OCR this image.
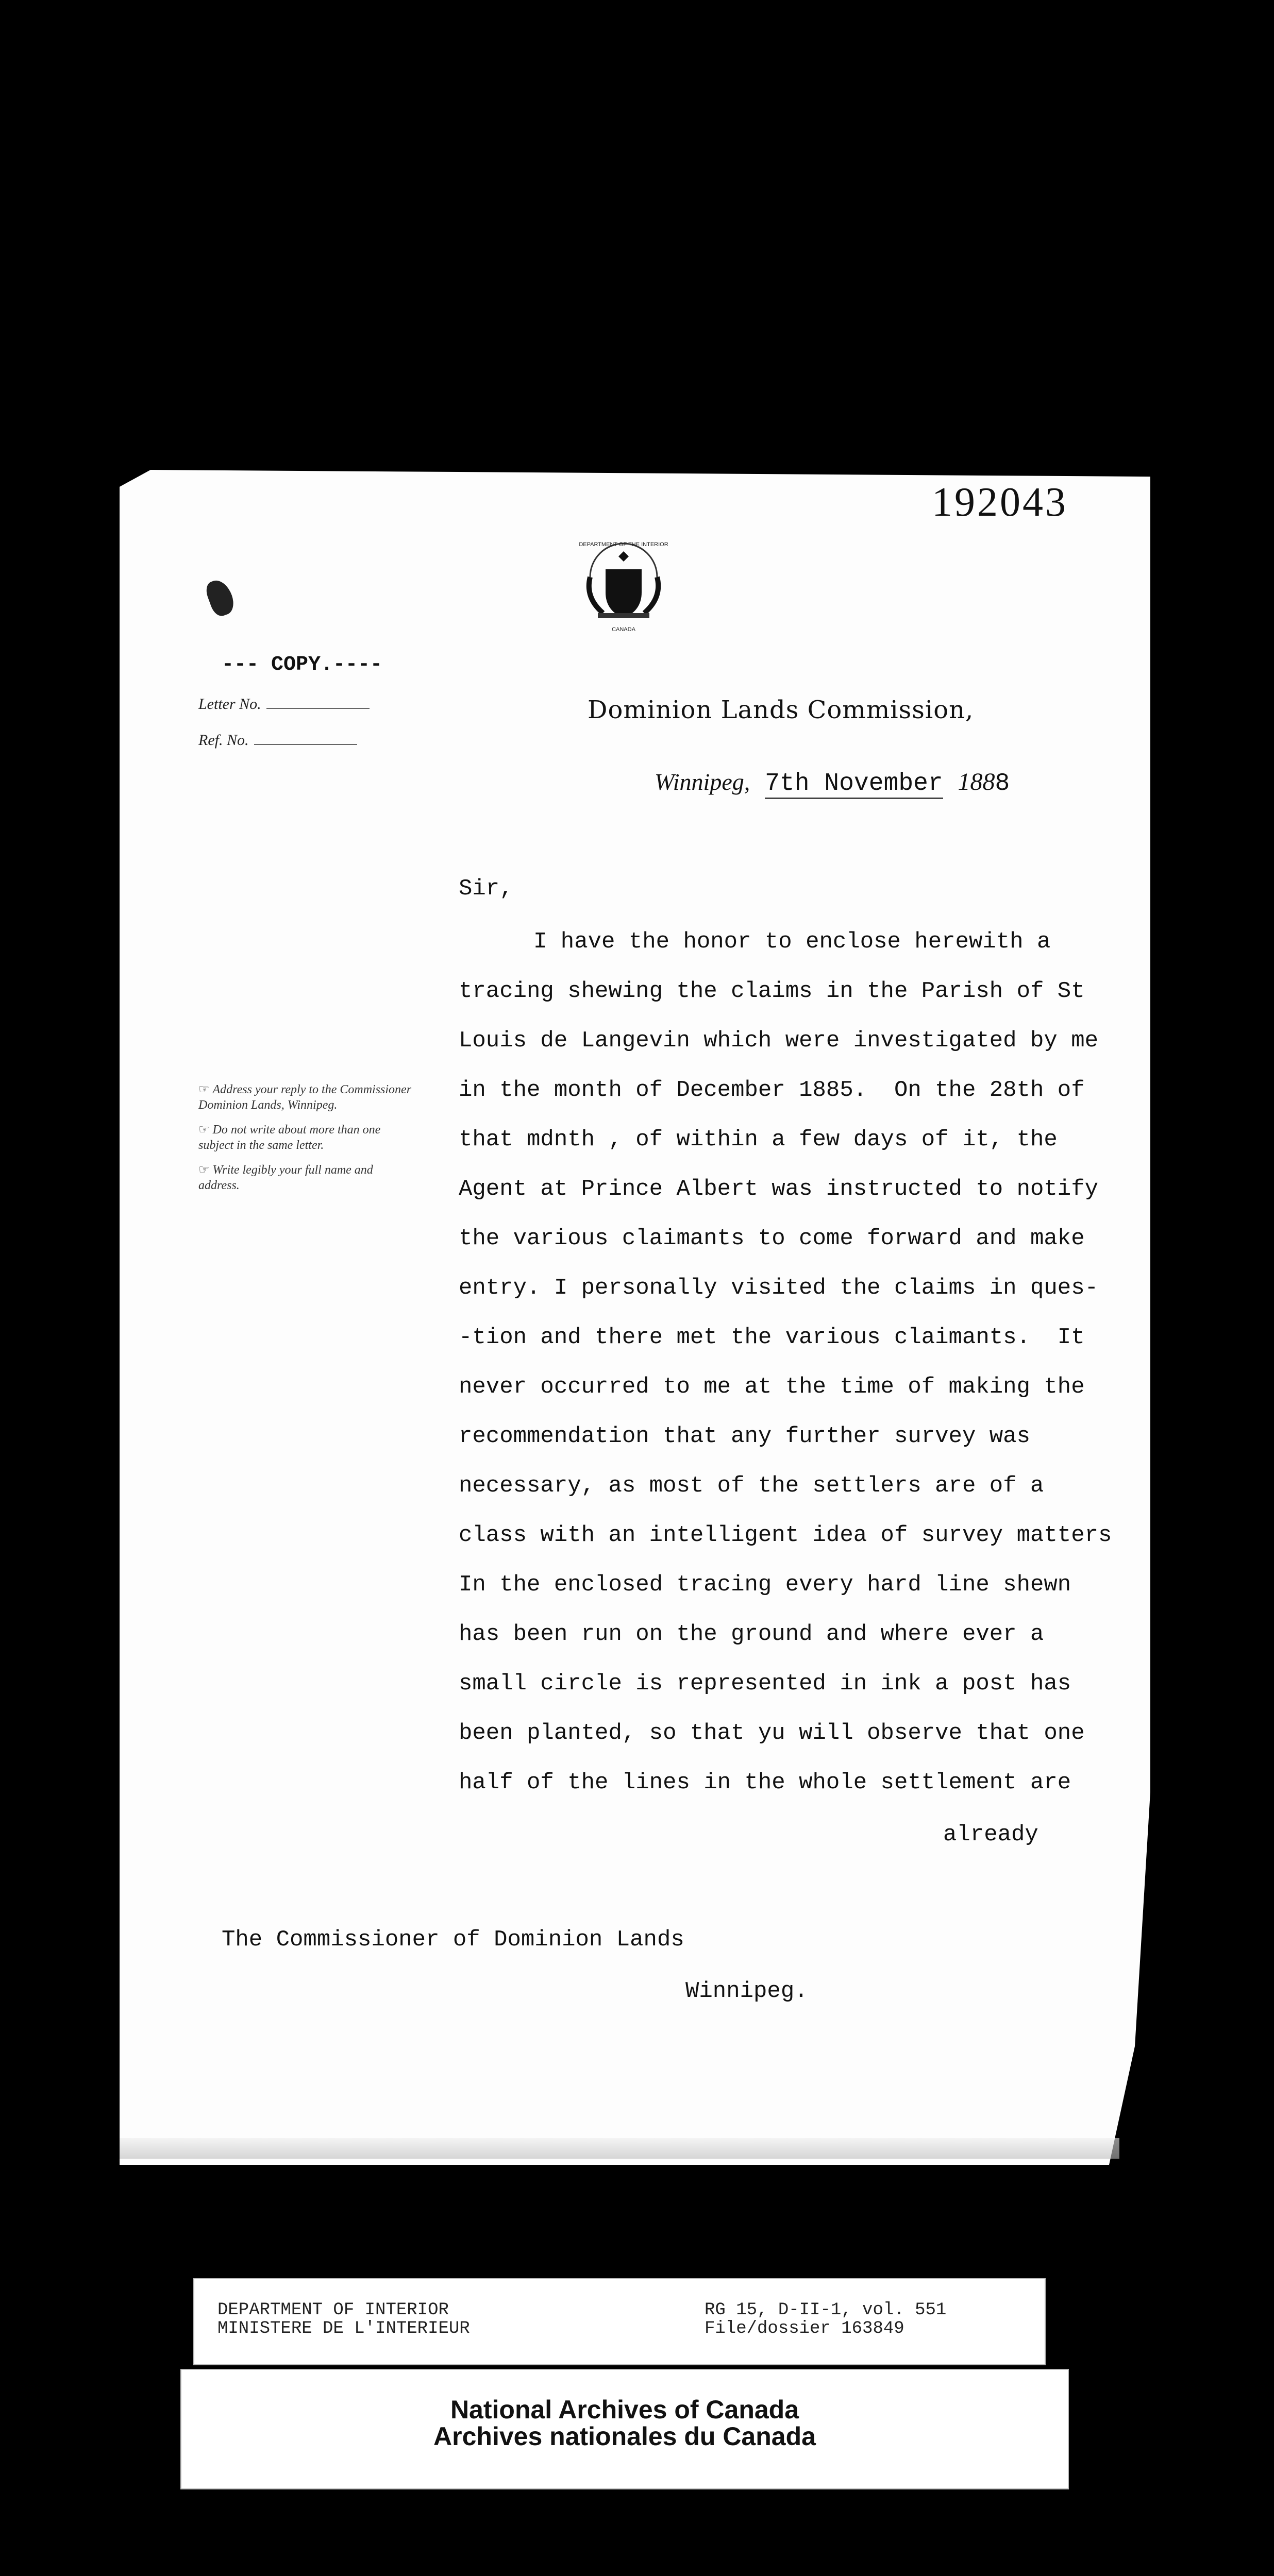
192043
DEPARTMENT OF THE INTERIOR
CANADA
--- COPY.----
Letter No.
Ref. No.
Dominion Lands Commission,
Winnipeg, 7th November 1888

☞ Address your reply to the Commissioner Dominion Lands, Winnipeg.

☞ Do not write about more than one subject in the same letter.

☞ Write legibly your full name and address.

Sir,
I have the honor to enclose herewith a
tracing shewing the claims in the Parish of St
Louis de Langevin which were investigated by me
in the month of December 1885.  On the 28th of
that mdnth , of within a few days of it, the
Agent at Prince Albert was instructed to notify
the various claimants to come forward and make
entry. I personally visited the claims in ques-
-tion and there met the various claimants.  It
never occurred to me at the time of making the
recommendation that any further survey was
necessary, as most of the settlers are of a
class with an intelligent idea of survey matters
In the enclosed tracing every hard line shewn
has been run on the ground and where ever a
small circle is represented in ink a post has
been planted, so that yu will observe that one
half of the lines in the whole settlement are
already
The Commissioner of Dominion Lands
Winnipeg.
DEPARTMENT OF INTERIOR
MINISTERE DE L'INTERIEUR
RG 15, D-II-1, vol. 551
File/dossier 163849
National Archives of Canada
Archives nationales du Canada
